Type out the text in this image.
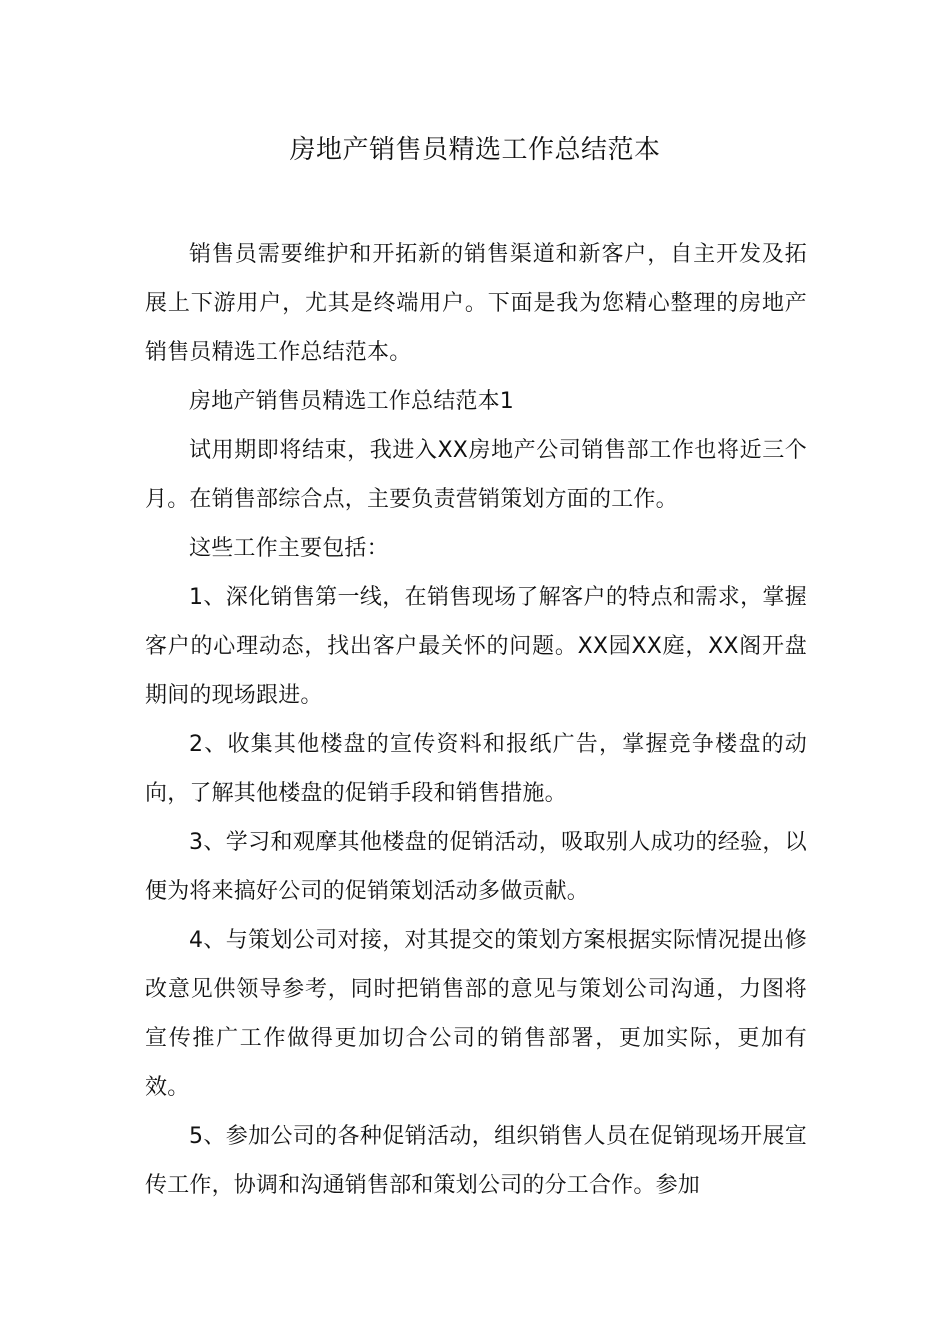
房地产销售员精选工作总结范本

销售员需要维护和开拓新的销售渠道和新客户，自主开发及拓展上下游用户，尤其是终端用户。下面是我为您精心整理的房地产销售员精选工作总结范本。

房地产销售员精选工作总结范本1

试用期即将结束，我进入XX房地产公司销售部工作也将近三个月。在销售部综合点，主要负责营销策划方面的工作。

这些工作主要包括：

1、深化销售第一线，在销售现场了解客户的特点和需求，掌握客户的心理动态，找出客户最关怀的问题。XX园XX庭，XX阁开盘期间的现场跟进。

2、收集其他楼盘的宣传资料和报纸广告，掌握竞争楼盘的动向，了解其他楼盘的促销手段和销售措施。

3、学习和观摩其他楼盘的促销活动，吸取别人成功的经验，以便为将来搞好公司的促销策划活动多做贡献。

4、与策划公司对接，对其提交的策划方案根据实际情况提出修改意见供领导参考，同时把销售部的意见与策划公司沟通，力图将宣传推广工作做得更加切合公司的销售部署，更加实际，更加有效。

5、参加公司的各种促销活动，组织销售人员在促销现场开展宣传工作，协调和沟通销售部和策划公司的分工合作。参加
